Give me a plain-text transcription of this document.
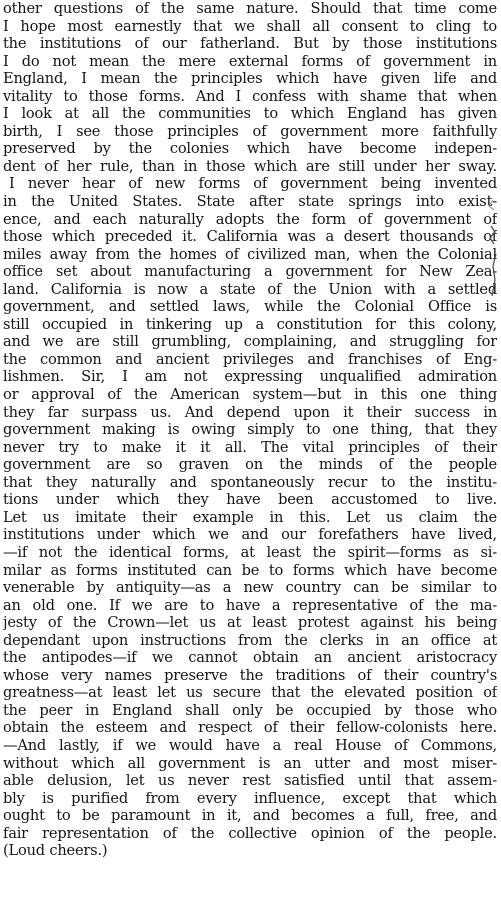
other questions of the same nature. Should that time come
I hope most earnestly that we shall all consent to cling to
the institutions of our fatherland. But by those institutions
I do not mean the mere external forms of government in
England, I mean the principles which have given life and
vitality to those forms. And I confess with shame that when
I look at all the communities to which England has given
birth, I see those principles of government more faithfully
preserved by the colonies which have become indepen-
dent of her rule, than in those which are still under her sway.
I never hear of new forms of government being invented
in the United States. State after state springs into exist-
ence, and each naturally adopts the form of government of
those which preceded it. California was a desert thousands of
miles away from the homes of civilized man, when the Colonial
office set about manufacturing a government for New Zea-
land. California is now a state of the Union with a settled
government, and settled laws, while the Colonial Office is
still occupied in tinkering up a constitution for this colony,
and we are still grumbling, complaining, and struggling for
the common and ancient privileges and franchises of Eng-
lishmen. Sir, I am not expressing unqualified admiration
or approval of the American system—but in this one thing
they far surpass us. And depend upon it their success in
government making is owing simply to one thing, that they
never try to make it it all. The vital principles of their
government are so graven on the minds of the people
that they naturally and spontaneously recur to the institu-
tions under which they have been accustomed to live.
Let us imitate their example in this. Let us claim the
institutions under which we and our forefathers have lived,
—if not the identical forms, at least the spirit—forms as si-
milar as forms instituted can be to forms which have become
venerable by antiquity—as a new country can be similar to
an old one. If we are to have a representative of the ma-
jesty of the Crown—let us at least protest against his being
dependant upon instructions from the clerks in an office at
the antipodes—if we cannot obtain an ancient aristocracy
whose very names preserve the traditions of their country's
greatness—at least let us secure that the elevated position of
the peer in England shall only be occupied by those who
obtain the esteem and respect of their fellow-colonists here.
—And lastly, if we would have a real House of Commons,
without which all government is an utter and most miser-
able delusion, let us never rest satisfied until that assem-
bly is purified from every influence, except that which
ought to be paramount in it, and becomes a full, free, and
fair representation of the collective opinion of the people.
(Loud cheers.)
